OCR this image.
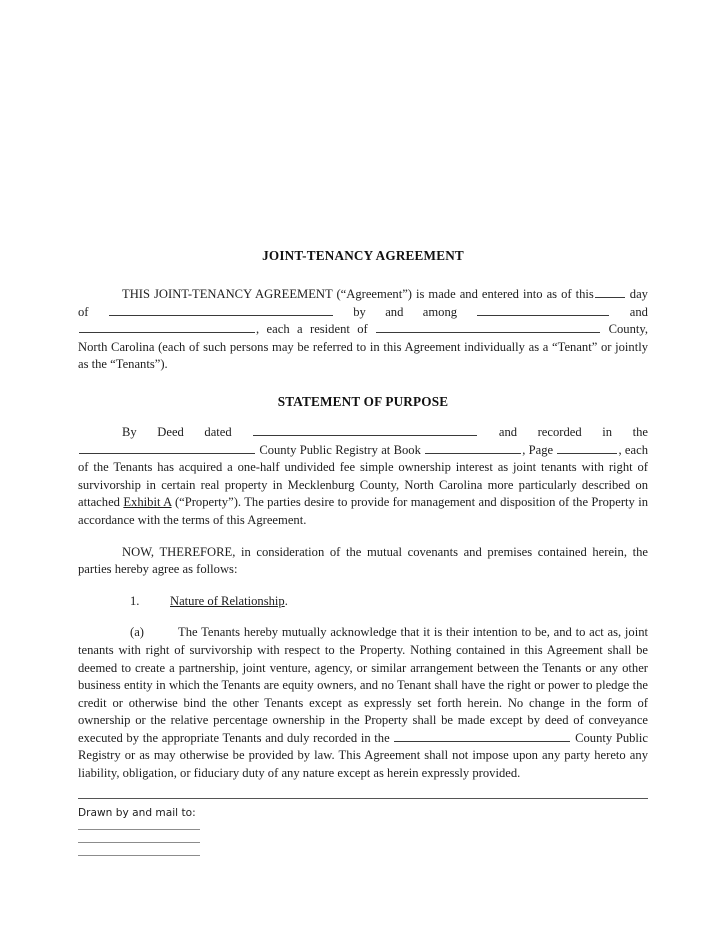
JOINT-TENANCY AGREEMENT

THIS JOINT-TENANCY AGREEMENT (“Agreement”) is made and entered into as of this	day of	by and among	and , each a resident of	County, North Carolina (each of such persons may be referred to in this Agreement individually as a “Tenant” or jointly as the “Tenants”).

STATEMENT OF PURPOSE

By Deed dated	and recorded in the  County Public Registry at Book	, Page	, each of the Tenants has acquired a one-half undivided fee simple ownership interest as joint tenants with right of survivorship in certain real property in Mecklenburg County, North Carolina more particularly described on attached Exhibit A (“Property”). The parties desire to provide for management and disposition of the Property in accordance with the terms of this Agreement.

NOW, THEREFORE, in consideration of the mutual covenants and premises contained herein, the parties hereby agree as follows:

1. Nature of Relationship.

(a)	The Tenants hereby mutually acknowledge that it is their intention to be, and to act as, joint tenants with right of survivorship with respect to the Property. Nothing contained in this Agreement shall be deemed to create a partnership, joint venture, agency, or similar arrangement between the Tenants or any other business entity in which the Tenants are equity owners, and no Tenant shall have the right or power to pledge the credit or otherwise bind the other Tenants except as expressly set forth herein. No change in the form of ownership or the relative percentage ownership in the Property shall be made except by deed of conveyance executed by the appropriate Tenants and duly recorded in the	County Public Registry or as may otherwise be provided by law. This Agreement shall not impose upon any party hereto any liability, obligation, or fiduciary duty of any nature except as herein expressly provided.

Drawn by and mail to:
